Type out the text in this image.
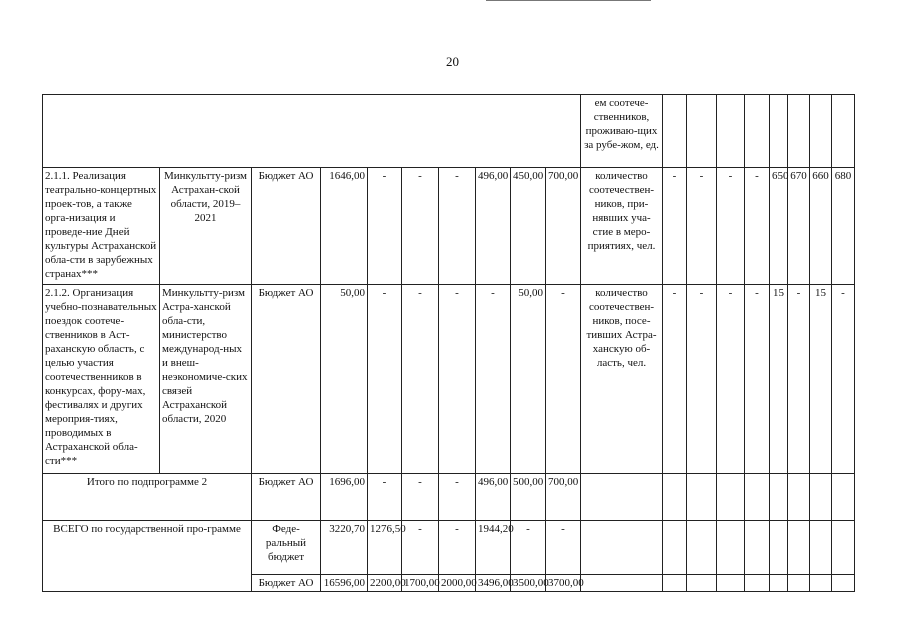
20
										ем соотече-ственников, проживаю-щих за рубе-жом, ед.								
2.1.1. Реализация театрально-концертных проек-тов, а также орга-низация и проведе-ние Дней культуры Астраханской обла-сти в зарубежных странах***	Минкультту-ризм Астрахан-ской области, 2019–2021	Бюджет АО	1646,00	-	-	-	496,00	450,00	700,00	количество соотечествен-ников, при-нявших уча-стие в меро-приятиях, чел.	-	-	-	-	650	670	660	680
2.1.2. Организация учебно-познавательных поездок соотече-ственников в Аст-раханскую область, с целью участия соотечественников в конкурсах, фору-мах, фестивалях и других мероприя-тиях, проводимых в Астраханской обла-сти***	Минкультту-ризм Астра-ханской обла-сти, министерство международ-ных и внеш-неэкономиче-ских связей Астраханской области, 2020	Бюджет АО	50,00	-	-	-	-	50,00	-	количество соотечествен-ников, посе-тивших Астра-ханскую об-ласть, чел.	-	-	-	-	15	-	15	-
Итого по подпрограмме 2		Бюджет АО	1696,00	-	-	-	496,00	500,00	700,00									
ВСЕГО по государственной про-грамме		Феде-ральный бюджет	3220,70	1276,50	-	-	1944,20	-	-									
		Бюджет АО	16596,00	2200,00	1700,00	2000,00	3496,00	3500,00	3700,00									
